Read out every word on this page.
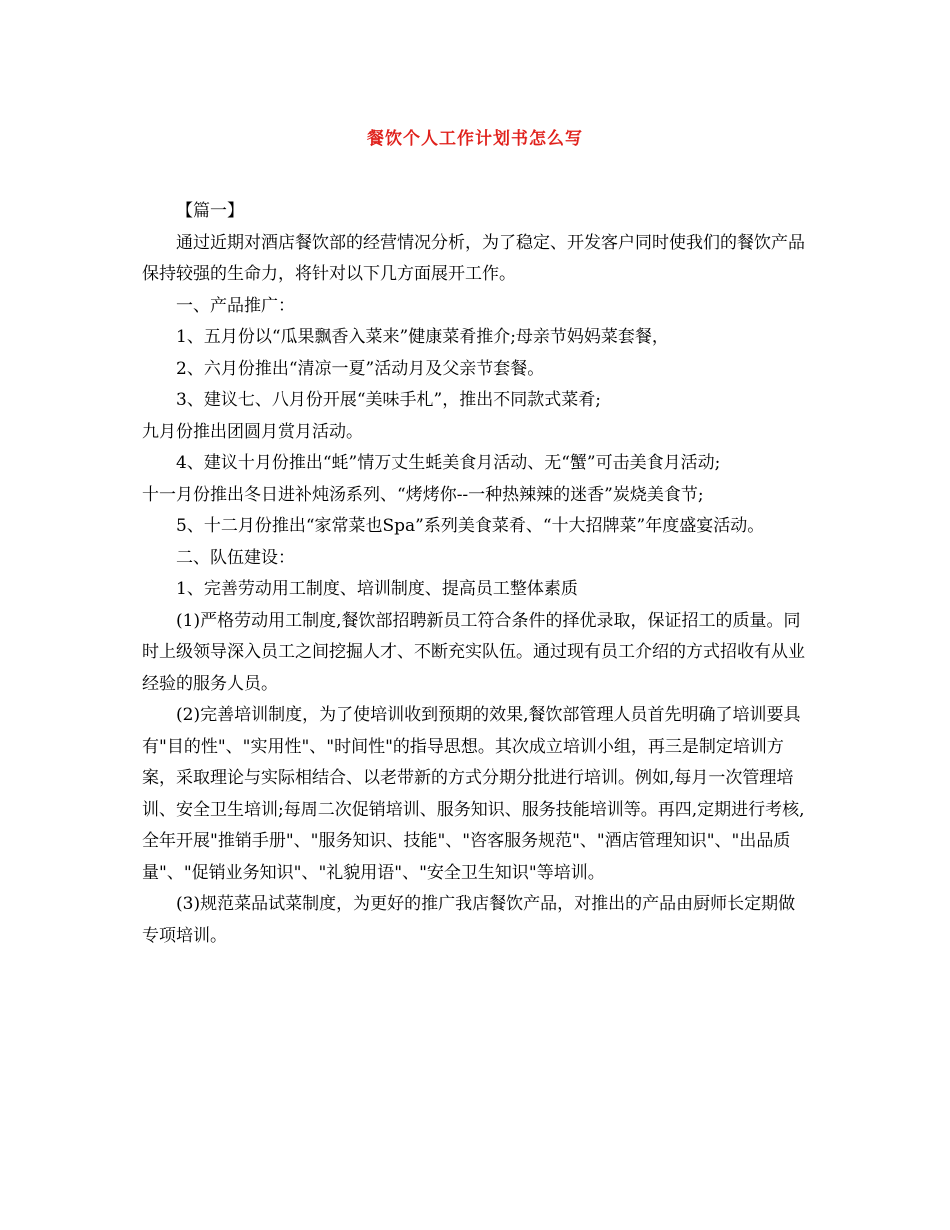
餐饮个人工作计划书怎么写

【篇一】

通过近期对酒店餐饮部的经营情况分析，为了稳定、开发客户同时使我们的餐饮产品保持较强的生命力，将针对以下几方面展开工作。

一、产品推广：

1、五月份以“瓜果飘香入菜来”健康菜肴推介;母亲节妈妈菜套餐，

2、六月份推出“清凉一夏”活动月及父亲节套餐。

3、建议七、八月份开展“美味手札”，推出不同款式菜肴;

九月份推出团圆月赏月活动。

4、建议十月份推出“蚝”情万丈生蚝美食月活动、无“蟹”可击美食月活动;

十一月份推出冬日进补炖汤系列、“烤烤你--一种热辣辣的迷香”炭烧美食节;

5、十二月份推出“家常菜也Spa”系列美食菜肴、“十大招牌菜”年度盛宴活动。

二、队伍建设：

1、完善劳动用工制度、培训制度、提高员工整体素质

(1)严格劳动用工制度,餐饮部招聘新员工符合条件的择优录取，保证招工的质量。同时上级领导深入员工之间挖掘人才、不断充实队伍。通过现有员工介绍的方式招收有从业经验的服务人员。

(2)完善培训制度，为了使培训收到预期的效果,餐饮部管理人员首先明确了培训要具有"目的性"、"实用性"、"时间性"的指导思想。其次成立培训小组，再三是制定培训方案，采取理论与实际相结合、以老带新的方式分期分批进行培训。例如,每月一次管理培训、安全卫生培训;每周二次促销培训、服务知识、服务技能培训等。再四,定期进行考核,全年开展"推销手册"、"服务知识、技能"、"咨客服务规范"、"酒店管理知识"、"出品质量"、"促销业务知识"、"礼貌用语"、"安全卫生知识"等培训。

(3)规范菜品试菜制度，为更好的推广我店餐饮产品，对推出的产品由厨师长定期做专项培训。
